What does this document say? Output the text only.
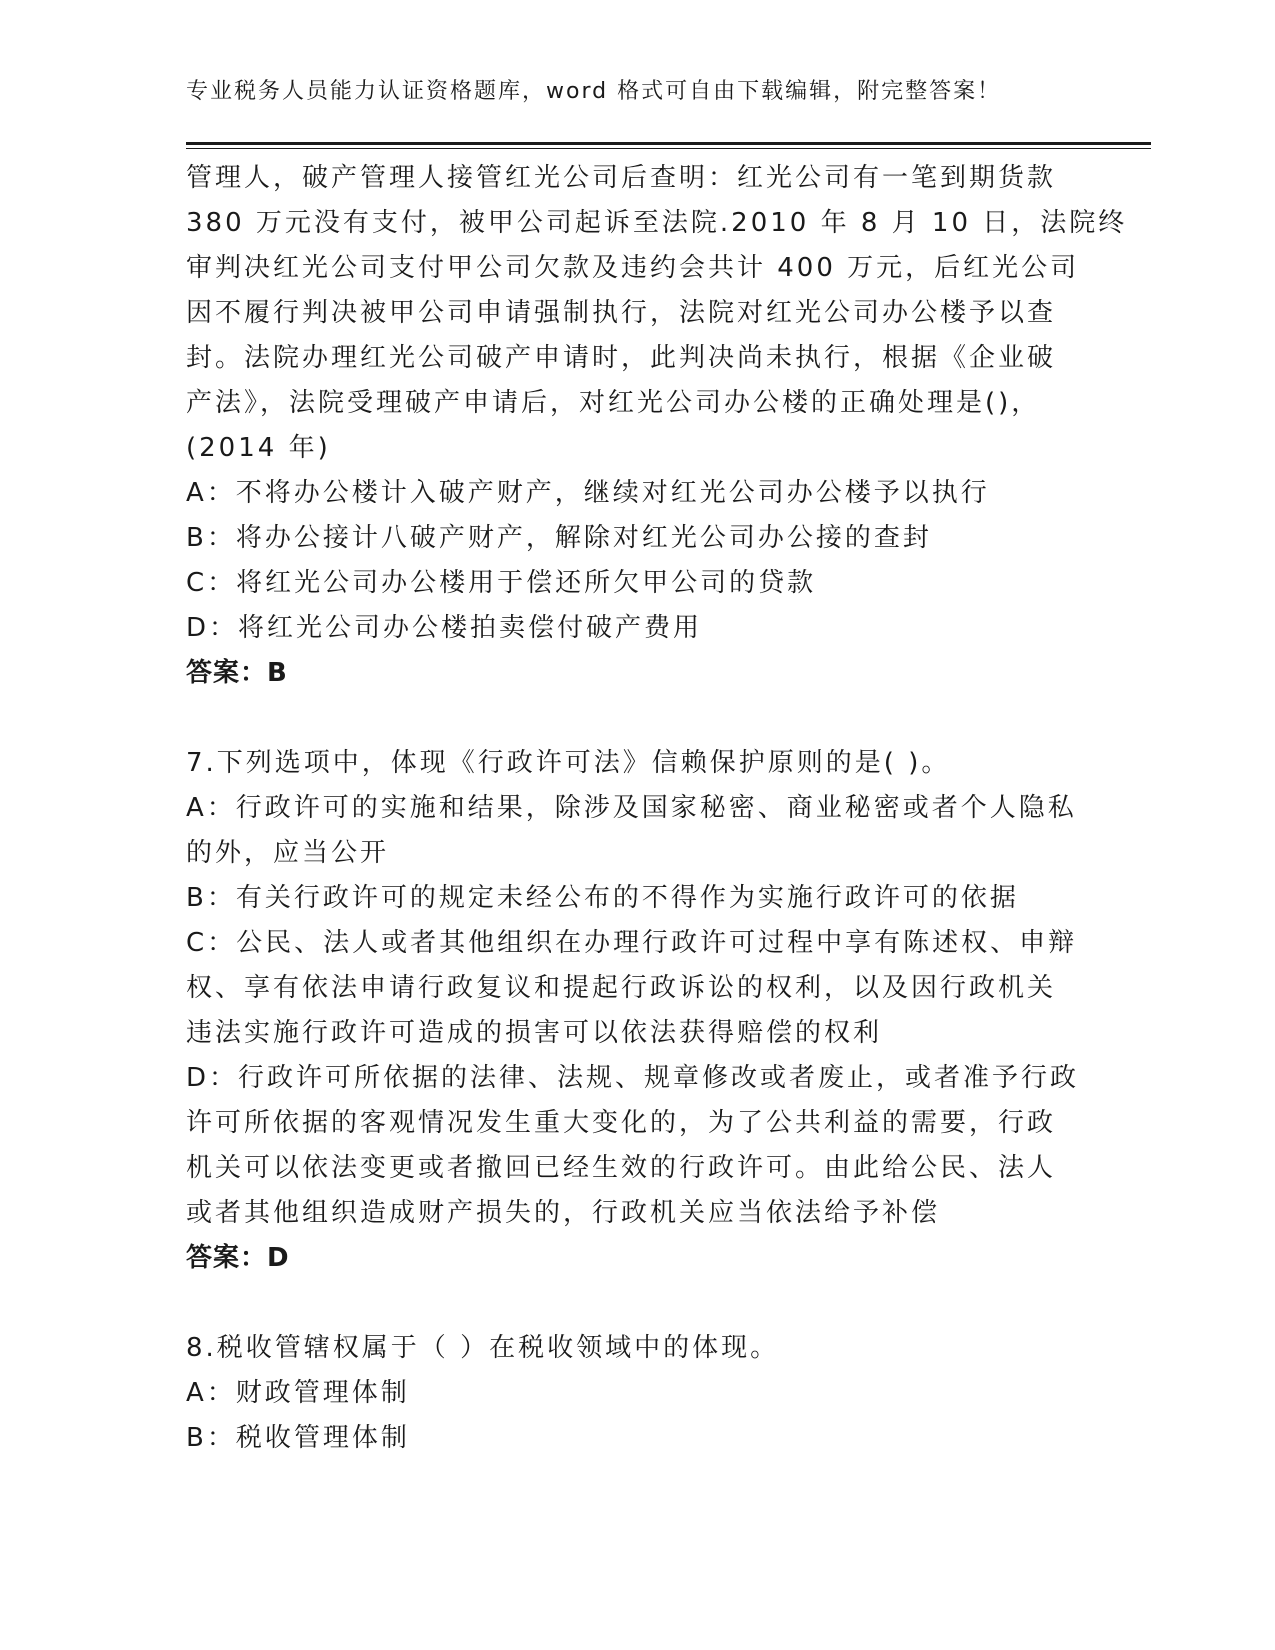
专业税务人员能力认证资格题库，word 格式可自由下载编辑，附完整答案！
管理人，破产管理人接管红光公司后查明：红光公司有一笔到期货款
380 万元没有支付，被甲公司起诉至法院.2010 年 8 月 10 日，法院终
审判决红光公司支付甲公司欠款及违约会共计 400 万元，后红光公司
因不履行判决被甲公司申请强制执行，法院对红光公司办公楼予以查
封。法院办理红光公司破产申请时，此判决尚未执行，根据《企业破
产法》，法院受理破产申请后，对红光公司办公楼的正确处理是()，
(2014 年)
A：不将办公楼计入破产财产，继续对红光公司办公楼予以执行
B：将办公接计八破产财产，解除对红光公司办公接的查封
C：将红光公司办公楼用于偿还所欠甲公司的贷款
D：将红光公司办公楼拍卖偿付破产费用
答案：B
7.下列选项中，体现《行政许可法》信赖保护原则的是( )。
A：行政许可的实施和结果，除涉及国家秘密、商业秘密或者个人隐私
的外，应当公开
B：有关行政许可的规定未经公布的不得作为实施行政许可的依据
C：公民、法人或者其他组织在办理行政许可过程中享有陈述权、申辩
权、享有依法申请行政复议和提起行政诉讼的权利，以及因行政机关
违法实施行政许可造成的损害可以依法获得赔偿的权利
D：行政许可所依据的法律、法规、规章修改或者废止，或者准予行政
许可所依据的客观情况发生重大变化的，为了公共利益的需要，行政
机关可以依法变更或者撤回已经生效的行政许可。由此给公民、法人
或者其他组织造成财产损失的，行政机关应当依法给予补偿
答案：D
8.税收管辖权属于（ ）在税收领域中的体现。
A：财政管理体制
B：税收管理体制
